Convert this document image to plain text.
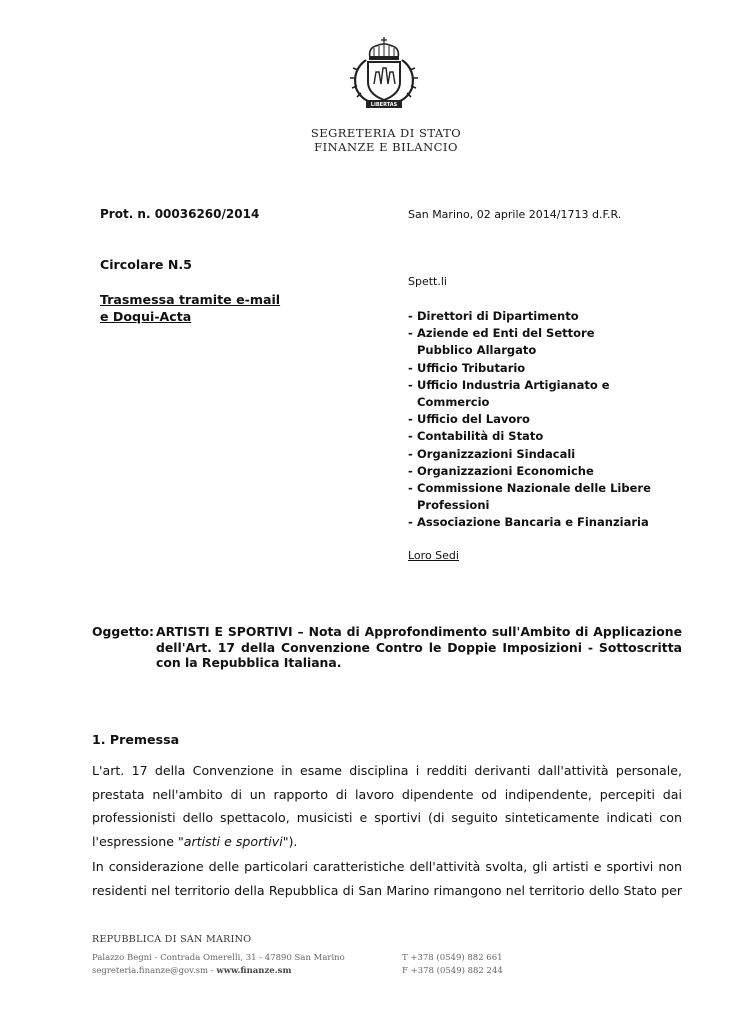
LIBERTAS
SEGRETERIA DI STATO
FINANZE E BILANCIO
Prot. n. 00036260/2014	San Marino, 02 aprile 2014/1713 d.F.R.
Circolare N.5
Spett.li
Trasmessa tramite e-mail
e Doqui-Acta	- Direttori di Dipartimento
- Aziende ed Enti del Settore Pubblico Allargato
- Ufficio Tributario
- Ufficio Industria Artigianato e Commercio
- Ufficio del Lavoro
- Contabilità di Stato
- Organizzazioni Sindacali
- Organizzazioni Economiche
- Commissione Nazionale delle Libere Professioni
- Associazione Bancaria e Finanziaria
Loro Sedi
Oggetto: ARTISTI E SPORTIVI – Nota di Approfondimento sull'Ambito di Applicazione dell'Art. 17 della Convenzione Contro le Doppie Imposizioni - Sottoscritta con la Repubblica Italiana.
1. Premessa
L'art. 17 della Convenzione in esame disciplina i redditi derivanti dall'attività personale, prestata nell'ambito di un rapporto di lavoro dipendente od indipendente, percepiti dai professionisti dello spettacolo, musicisti e sportivi (di seguito sinteticamente indicati con l'espressione "artisti e sportivi").
In considerazione delle particolari caratteristiche dell'attività svolta, gli artisti e sportivi non residenti nel territorio della Repubblica di San Marino rimangono nel territorio dello Stato per
REPUBBLICA DI SAN MARINO
Palazzo Begni - Contrada Omerelli, 31 - 47890 San Marino
segreteria.finanze@gov.sm - www.finanze.sm
T +378 (0549) 882 661
F +378 (0549) 882 244
